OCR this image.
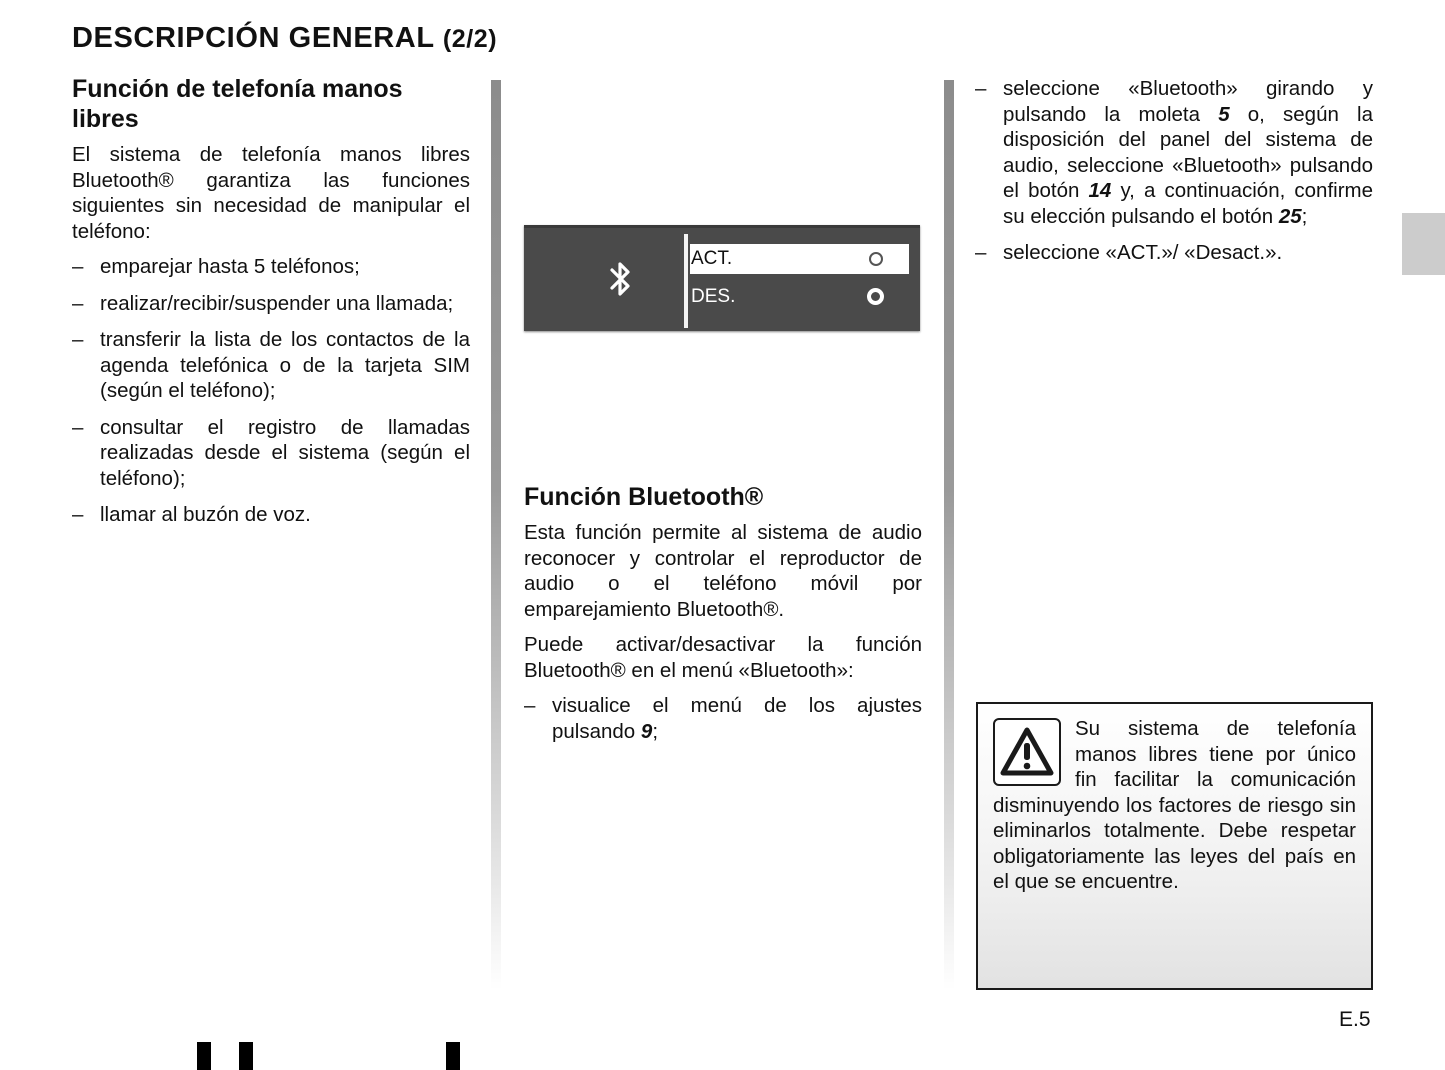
DESCRIPCIÓN GENERAL (2/2)
Función de telefonía manos libres

El sistema de telefonía manos libres Bluetooth® garantiza las funciones siguientes sin necesidad de manipular el teléfono:

– emparejar hasta 5 teléfonos;
– realizar/recibir/suspender una llamada;
– transferir la lista de los contactos de la agenda telefónica o de la tarjeta SIM (según el teléfono);
– consultar el registro de llamadas realizadas desde el sistema (según el teléfono);
– llamar al buzón de voz.
ACT.
DES.
Función Bluetooth®

Esta función permite al sistema de audio reconocer y controlar el reproductor de audio o el teléfono móvil por emparejamiento Bluetooth®.

Puede activar/desactivar la función Bluetooth® en el menú «Bluetooth»:

– visualice el menú de los ajustes pulsando 9;
– seleccione «Bluetooth» girando y pulsando la moleta 5 o, según la disposición del panel del sistema de audio, seleccione «Bluetooth» pulsando el botón 14 y, a continuación, confirme su elección pulsando el botón 25;
– seleccione «ACT.»/ «Desact.».

Su sistema de telefonía manos libres tiene por único fin facilitar la comunicación disminuyendo los factores de riesgo sin eliminarlos totalmente. Debe respetar obligatoriamente las leyes del país en el que se encuentre.

E.5
